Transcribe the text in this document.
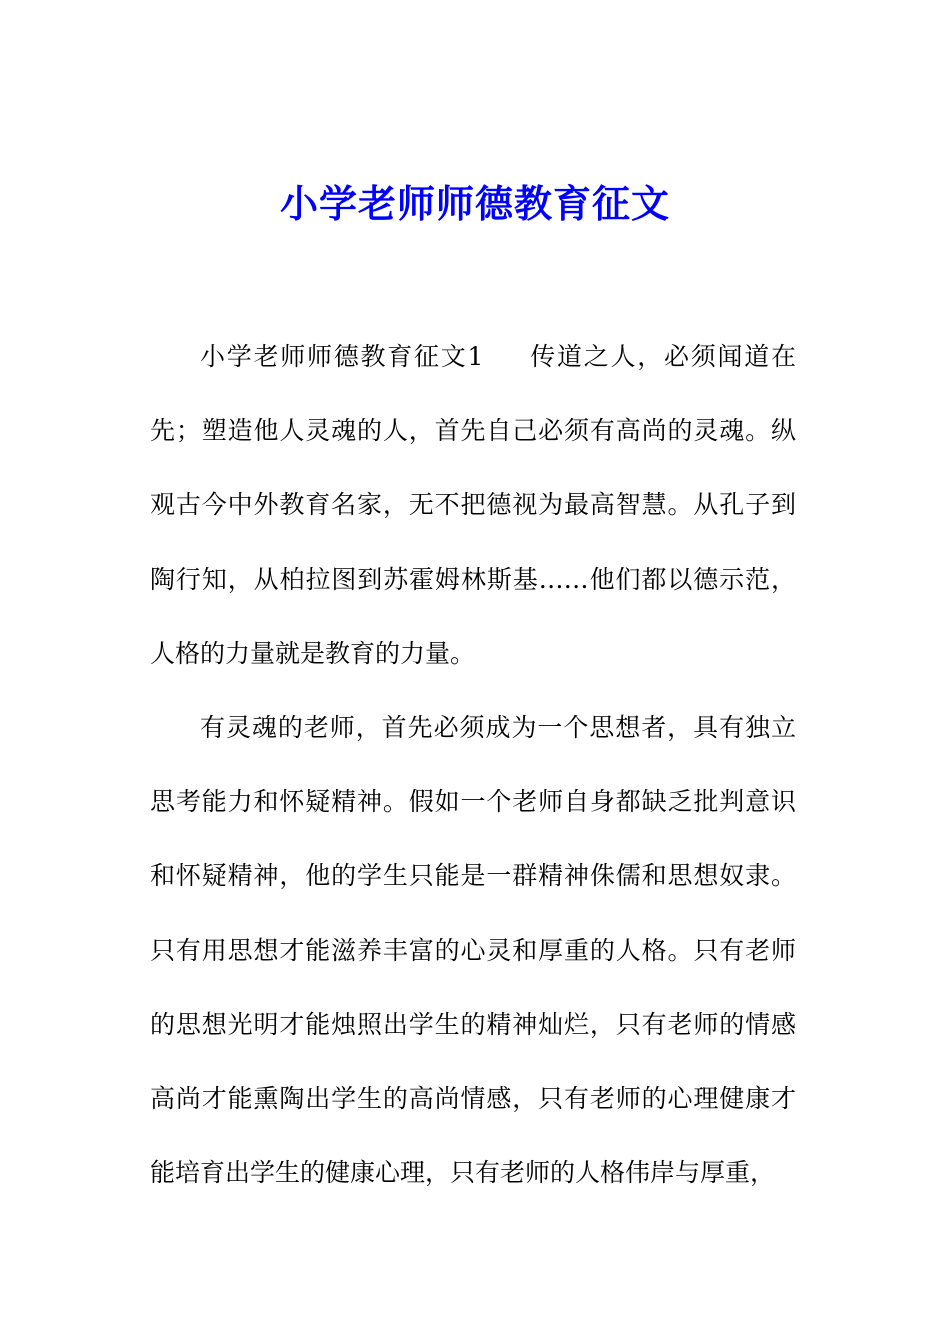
小学老师师德教育征文

小学老师师德教育征文1 传道之人，必须闻道在先；塑造他人灵魂的人，首先自己必须有高尚的灵魂。纵观古今中外教育名家，无不把德视为最高智慧。从孔子到陶行知，从柏拉图到苏霍姆林斯基……他们都以德示范，人格的力量就是教育的力量。

有灵魂的老师，首先必须成为一个思想者，具有独立思考能力和怀疑精神。假如一个老师自身都缺乏批判意识和怀疑精神，他的学生只能是一群精神侏儒和思想奴隶。只有用思想才能滋养丰富的心灵和厚重的人格。只有老师的思想光明才能烛照出学生的精神灿烂，只有老师的情感高尚才能熏陶出学生的高尚情感，只有老师的心理健康才能培育出学生的健康心理，只有老师的人格伟岸与厚重，
